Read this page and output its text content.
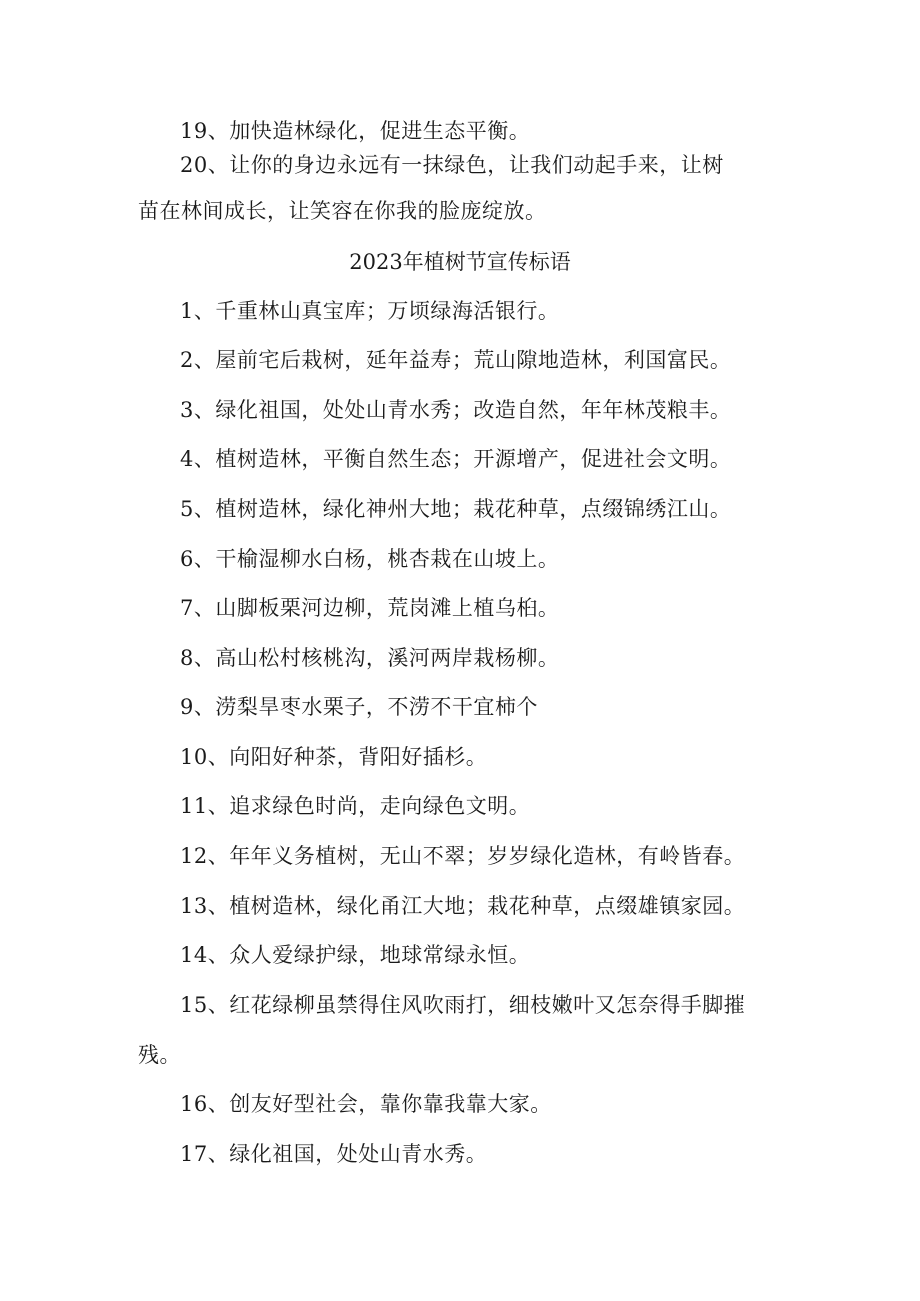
19、加快造林绿化，促进生态平衡。
20、让你的身边永远有一抹绿色，让我们动起手来，让树
苗在林间成长，让笑容在你我的脸庞绽放。
2023年植树节宣传标语
1、千重林山真宝库；万顷绿海活银行。
2、屋前宅后栽树，延年益寿；荒山隙地造林，利国富民。
3、绿化祖国，处处山青水秀；改造自然，年年林茂粮丰。
4、植树造林，平衡自然生态；开源增产，促进社会文明。
5、植树造林，绿化神州大地；栽花种草，点缀锦绣江山。
6、干榆湿柳水白杨，桃杏栽在山坡上。
7、山脚板栗河边柳，荒岗滩上植乌桕。
8、高山松村核桃沟，溪河两岸栽杨柳。
9、涝梨旱枣水栗子，不涝不干宜柿个
10、向阳好种茶，背阳好插杉。
11、追求绿色时尚，走向绿色文明。
12、年年义务植树，无山不翠；岁岁绿化造林，有岭皆春。
13、植树造林，绿化甬江大地；栽花种草，点缀雄镇家园。
14、众人爱绿护绿，地球常绿永恒。
15、红花绿柳虽禁得住风吹雨打，细枝嫩叶又怎奈得手脚摧
残。
16、创友好型社会，靠你靠我靠大家。
17、绿化祖国，处处山青水秀。
